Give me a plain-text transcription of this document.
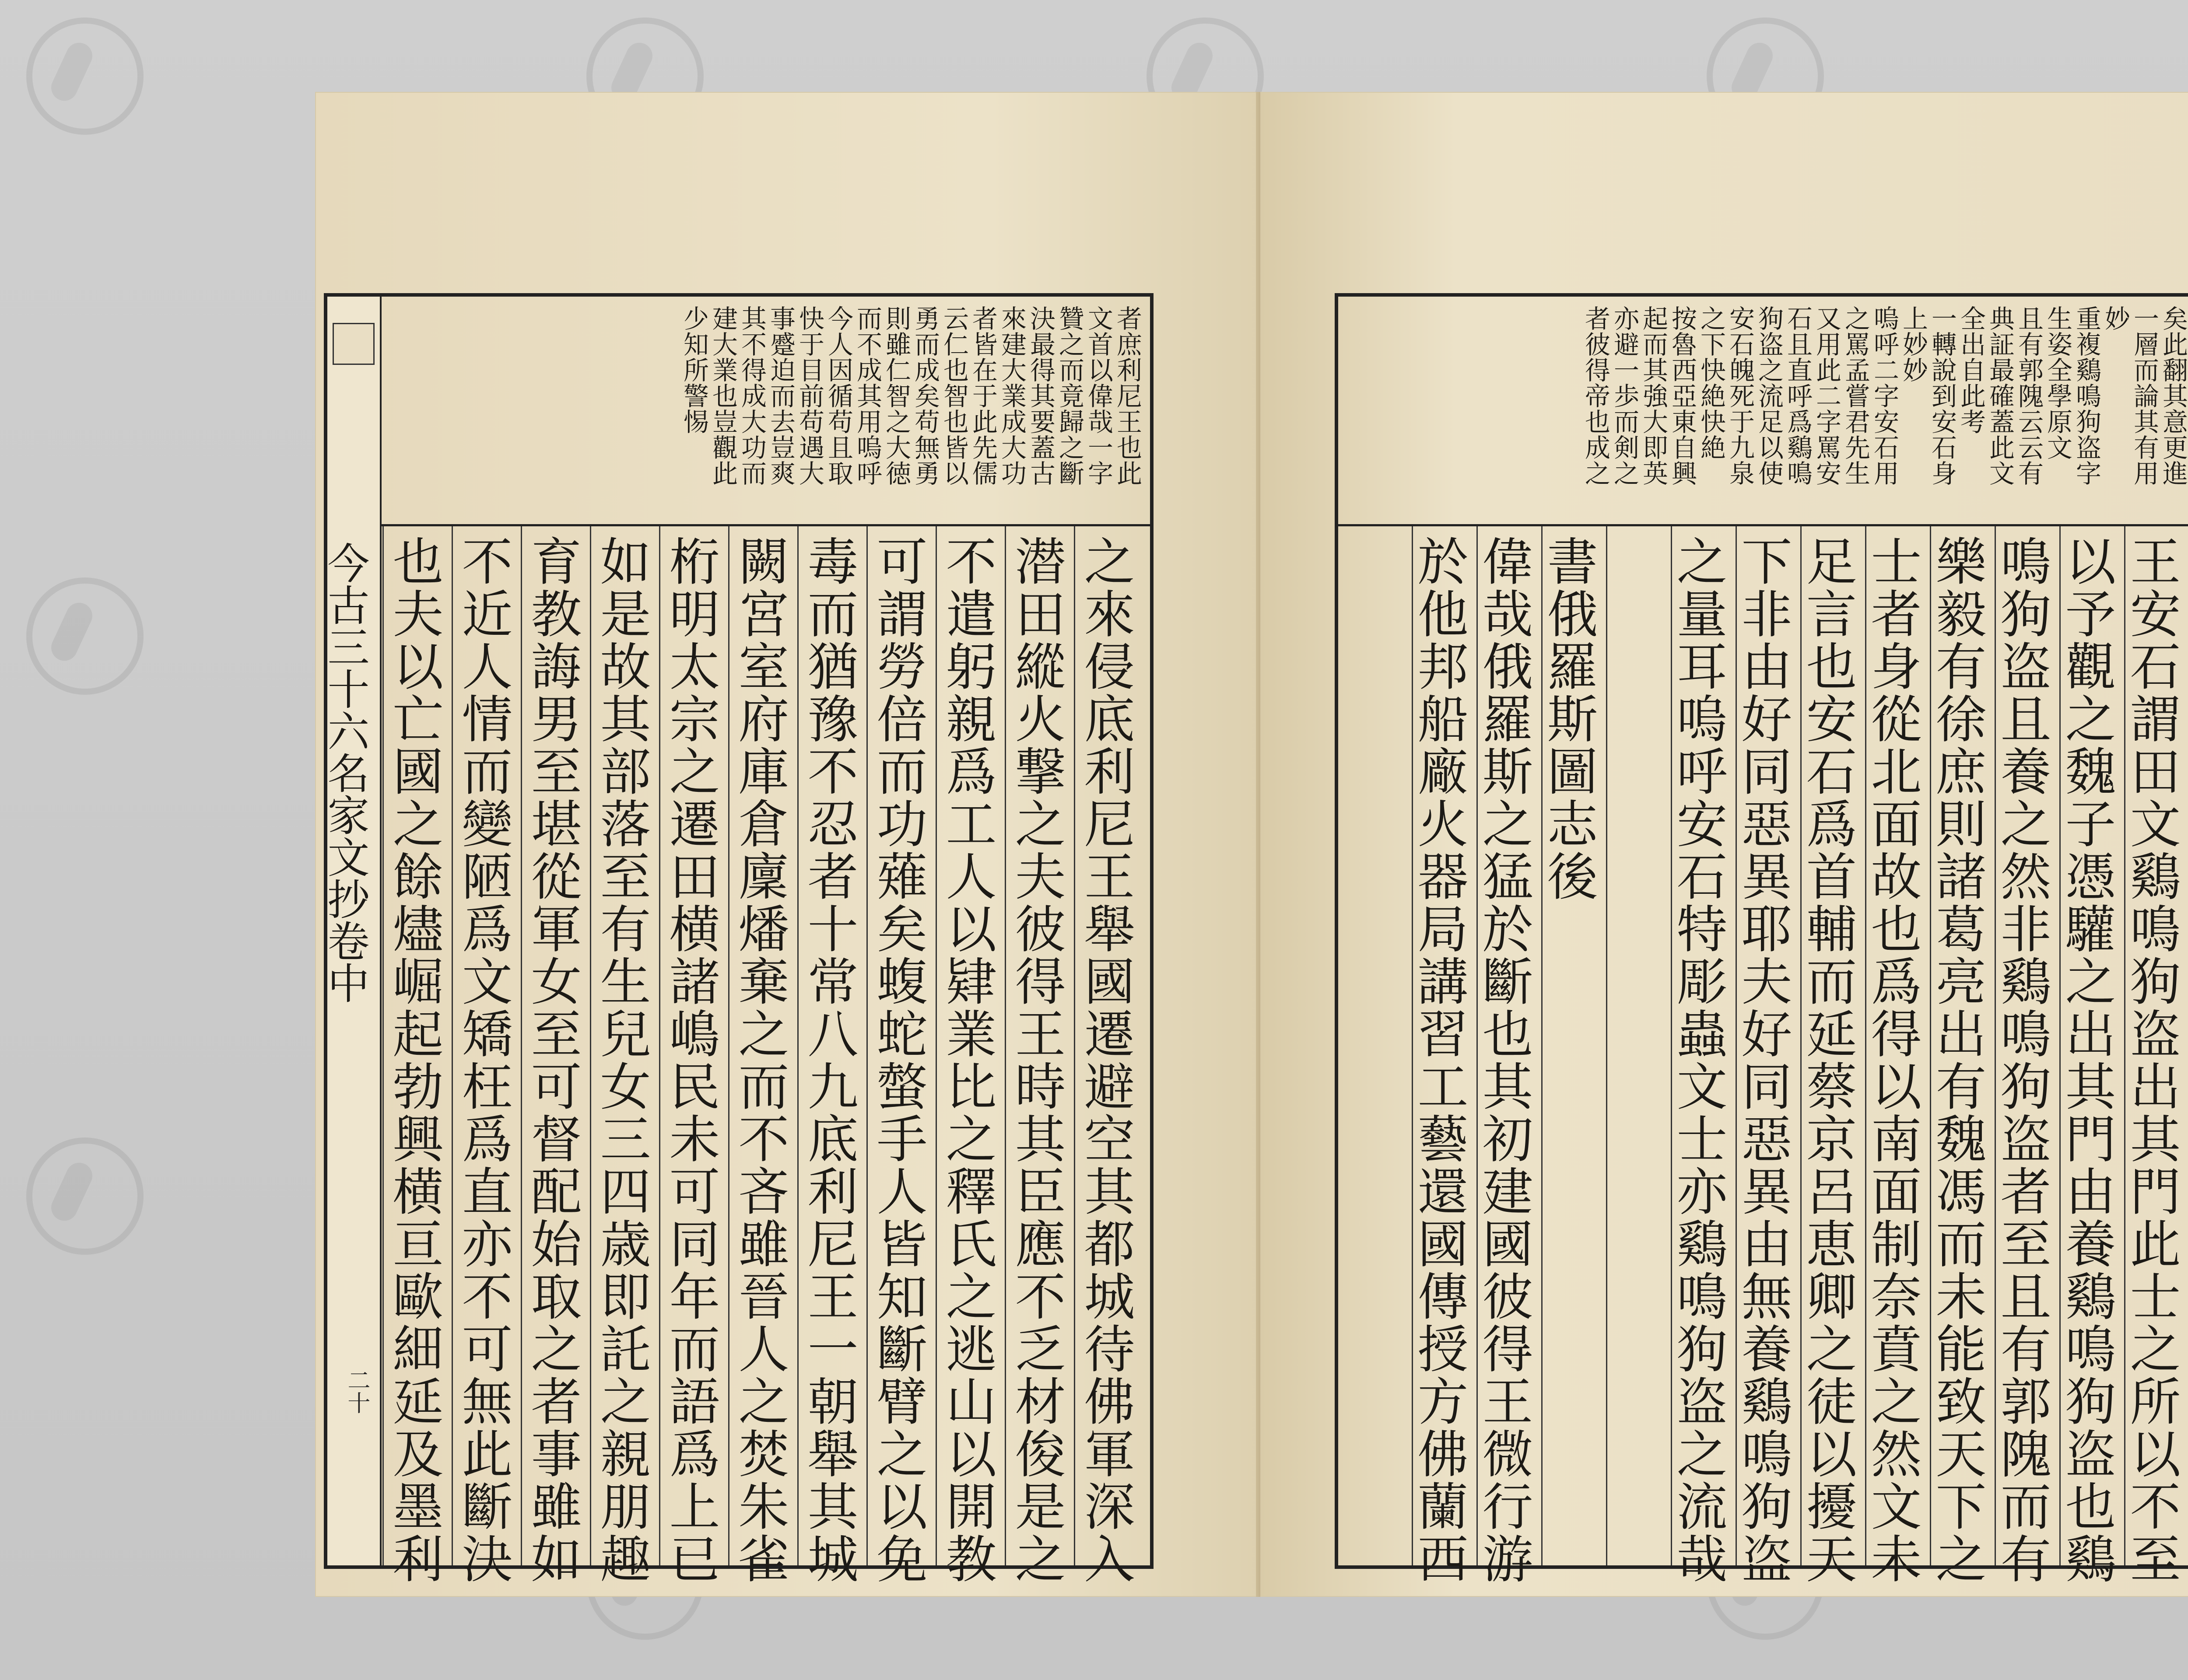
今古三十六名家文抄卷中
二十
者庶利尼王也此
文首以偉哉一字
贊之而竟歸之斷
決最得其要蓋古
來建大業成大功
者皆在于此先儒
云仁也智也皆以
勇而成矣苟無勇
則雖仁智之大徳
而不成其用嗚呼
今人因循苟且取
快于目前苟遇大
事蹙迫而去豈爽
其不得成大功而
建大業也豈觀此
少知所警惕
之來侵底利尼王舉國遷避空其都城待佛軍深入
潜田縱火撃之夫彼得王時其臣應不乏材俊是之
不遣躬親爲工人以肄業比之釋氏之逃山以開教
可謂勞倍而功薙矣蝮蛇螫手人皆知斷臂之以免
毒而猶豫不忍者十常八九底利尼王一朝舉其城
闕宮室府庫倉廩燔棄之而不吝雖晉人之焚朱雀
桁明太宗之遷田横諸嶋民未可同年而語爲上已
如是故其部落至有生兒女三四歳即託之親朋趣
育教誨男至堪從軍女至可督配始取之者事雖如
不近人情而變陋爲文矯枉爲直亦不可無此斷決
也夫以亡國之餘燼崛起勃興横亘歐細延及墨利
矣此翻其意更進
一層而論其有用
妙
重複鷄鳴狗盗字
生姿全學原文
且有郭隗云云有
典証最確蓋此文
全出自此考
一轉說到安石身
上妙妙
嗚呼二字安石用
之罵孟嘗君先生
又用此二字罵安
石且直呼爲鷄鳴
狗盗之流足以使
安石魄死于九泉
之下快絶快絶
按魯西亞東自興
起而其強大即英
亦避一歩而剣之
者彼得帝也成之
王安石謂田文鷄鳴狗盗出其門此士之所以不至
以予觀之魏子憑驩之出其門由養鷄鳴狗盗也鷄
鳴狗盗且養之然非鷄鳴狗盗者至且有郭隗而有
樂毅有徐庶則諸葛亮出有魏馮而未能致天下之
士者身從北面故也爲得以南面制奈賁之然文未
足言也安石爲首輔而延蔡京呂恵卿之徒以擾天
下非由好同惡異耶夫好同惡異由無養鷄鳴狗盗
之量耳嗚呼安石特彫蟲文士亦鷄鳴狗盗之流哉
書俄羅斯圖志後
偉哉俄羅斯之猛於斷也其初建國彼得王微行游
於他邦船廠火器局講習工藝還國傳授方佛蘭西
